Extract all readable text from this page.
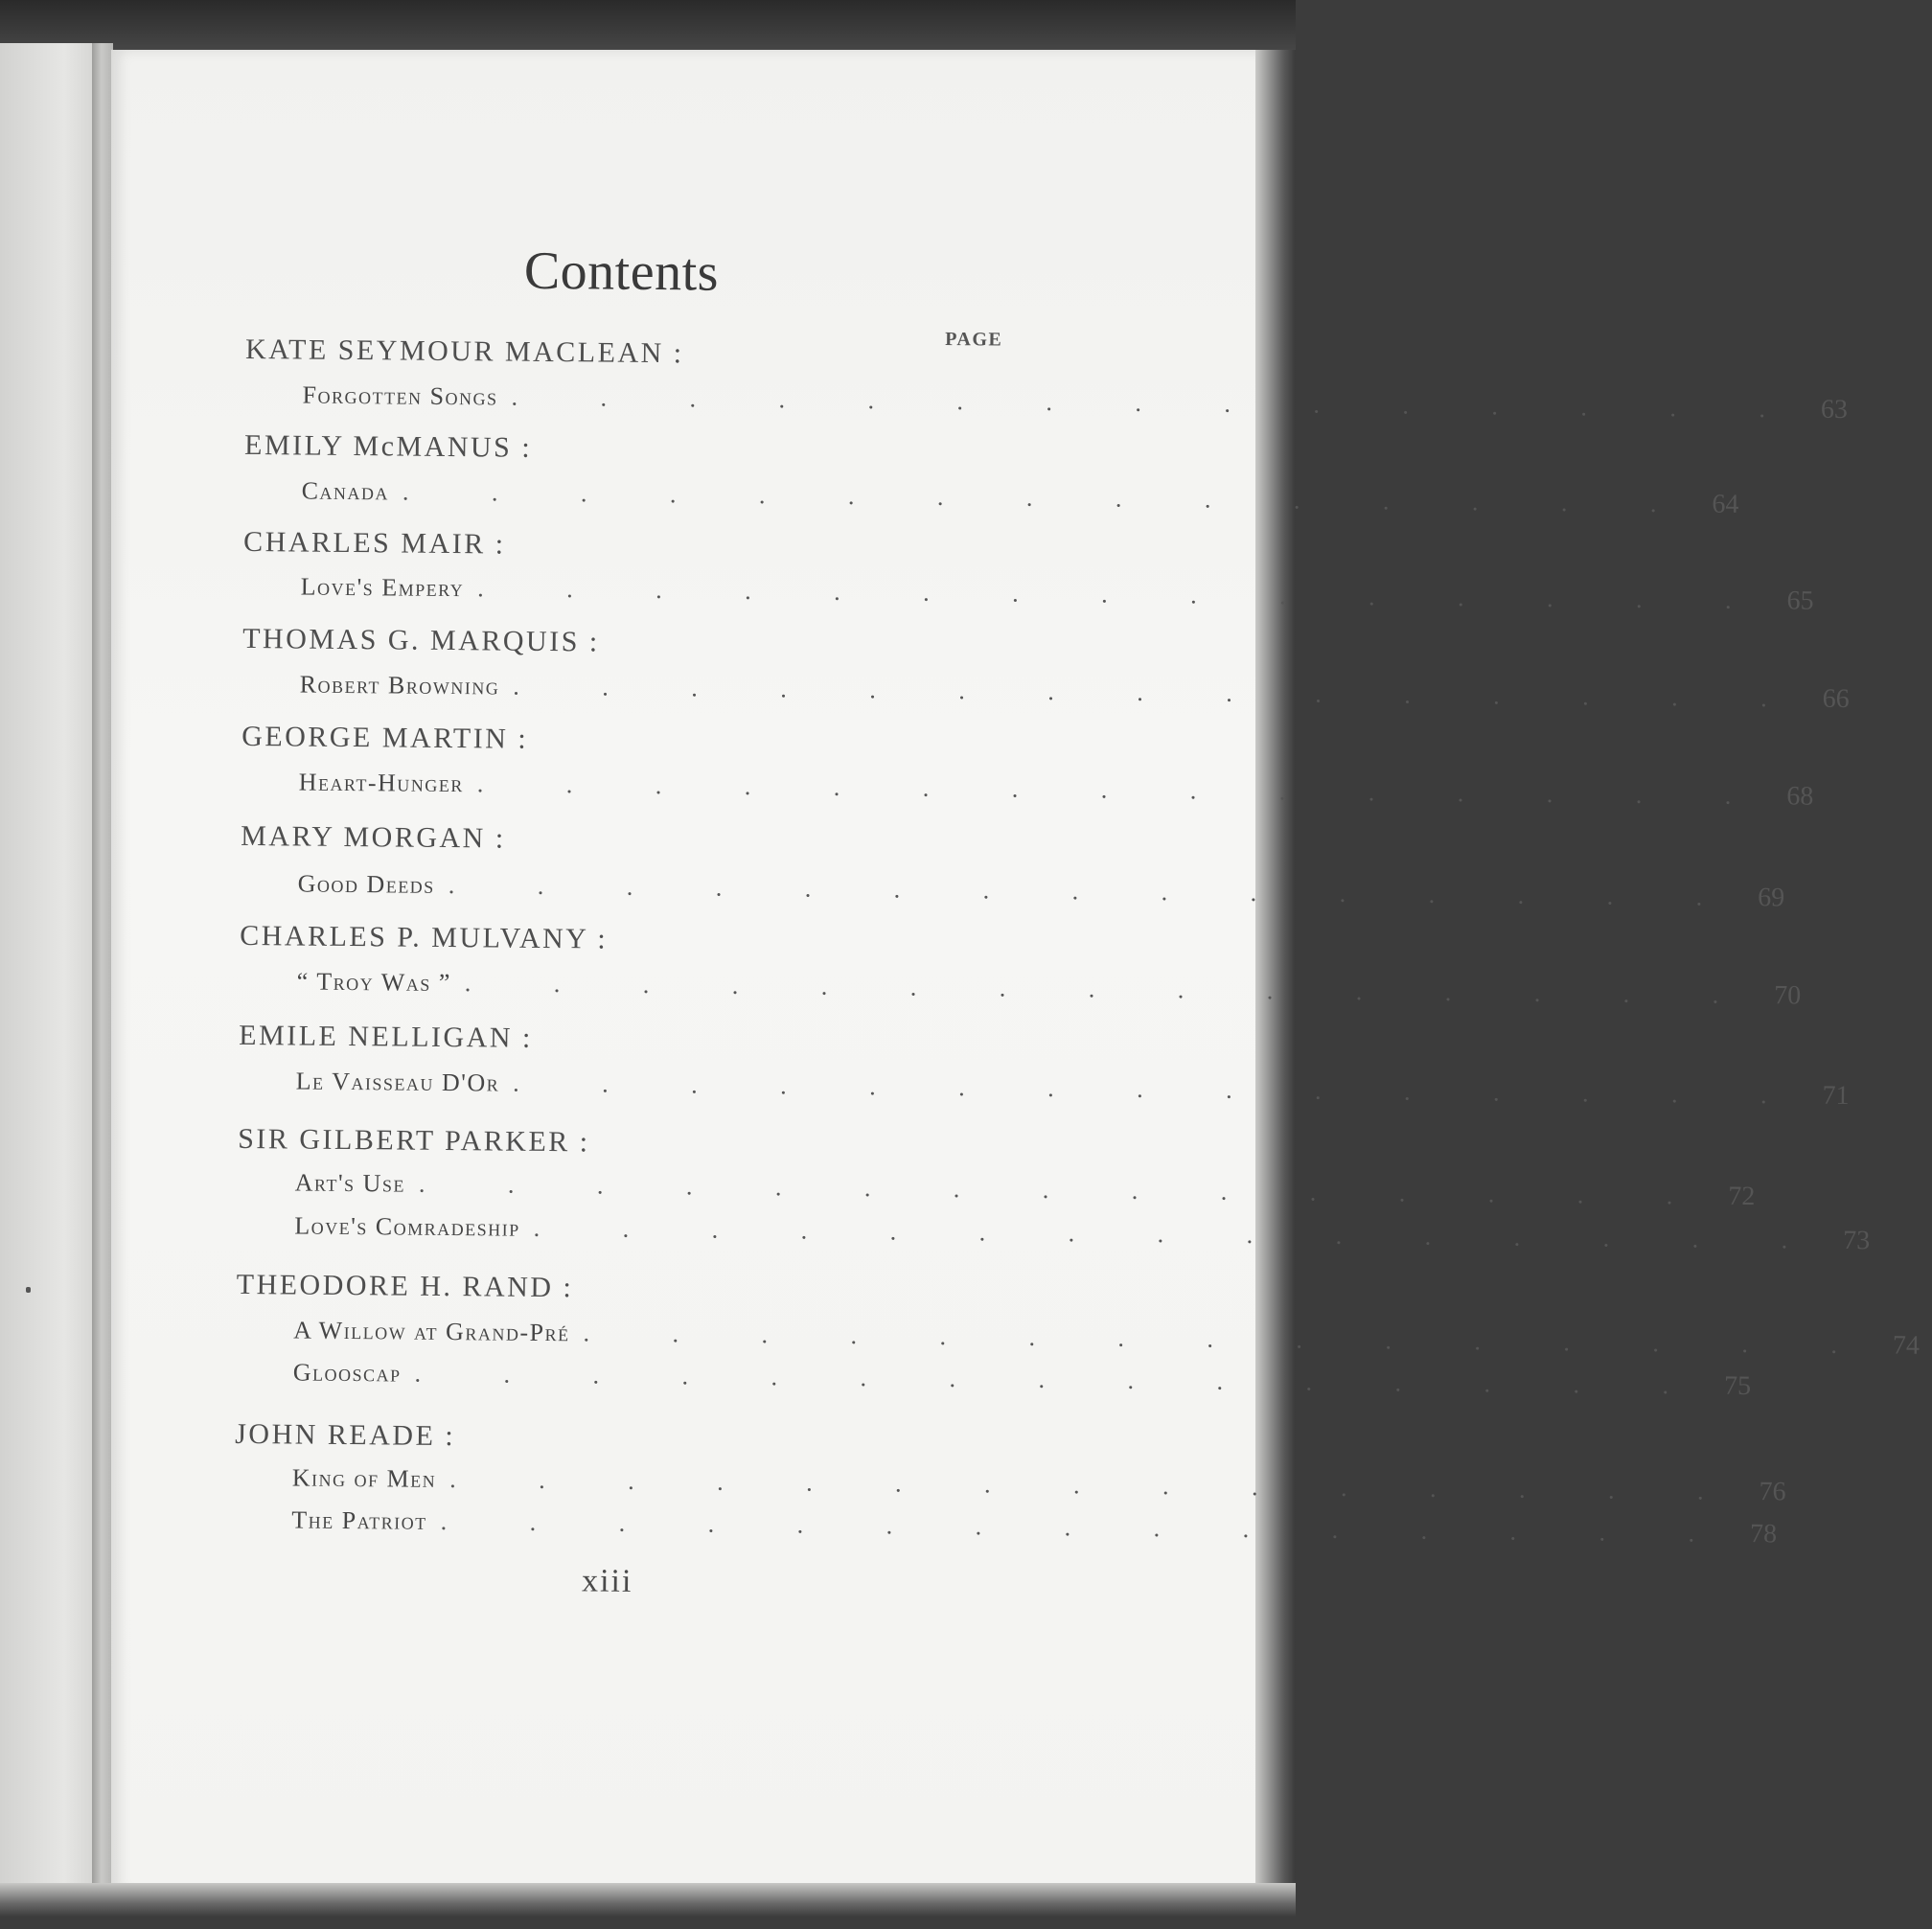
Contents
PAGE
KATE SEYMOUR MACLEAN :
Forgotten Songs . . . . . . . . . . . . . . . 63
EMILY McMANUS :
Canada . . . . . . . . . . . . . . . 64
CHARLES MAIR :
Love's Empery . . . . . . . . . . . . . . . 65
THOMAS G. MARQUIS :
Robert Browning . . . . . . . . . . . . . . . 66
GEORGE MARTIN :
Heart-Hunger . . . . . . . . . . . . . . . 68
MARY MORGAN :
Good Deeds . . . . . . . . . . . . . . . 69
CHARLES P. MULVANY :
“ Troy Was ” . . . . . . . . . . . . . . . 70
EMILE NELLIGAN :
Le Vaisseau D'Or . . . . . . . . . . . . . . . 71
SIR GILBERT PARKER :
Art's Use . . . . . . . . . . . . . . . 72
Love's Comradeship . . . . . . . . . . . . . . . 73
THEODORE H. RAND :
A Willow at Grand-Pré . . . . . . . . . . . . . . . 74
Glooscap . . . . . . . . . . . . . . . 75
JOHN READE :
King of Men . . . . . . . . . . . . . . . 76
The Patriot . . . . . . . . . . . . . . . 78
xiii
